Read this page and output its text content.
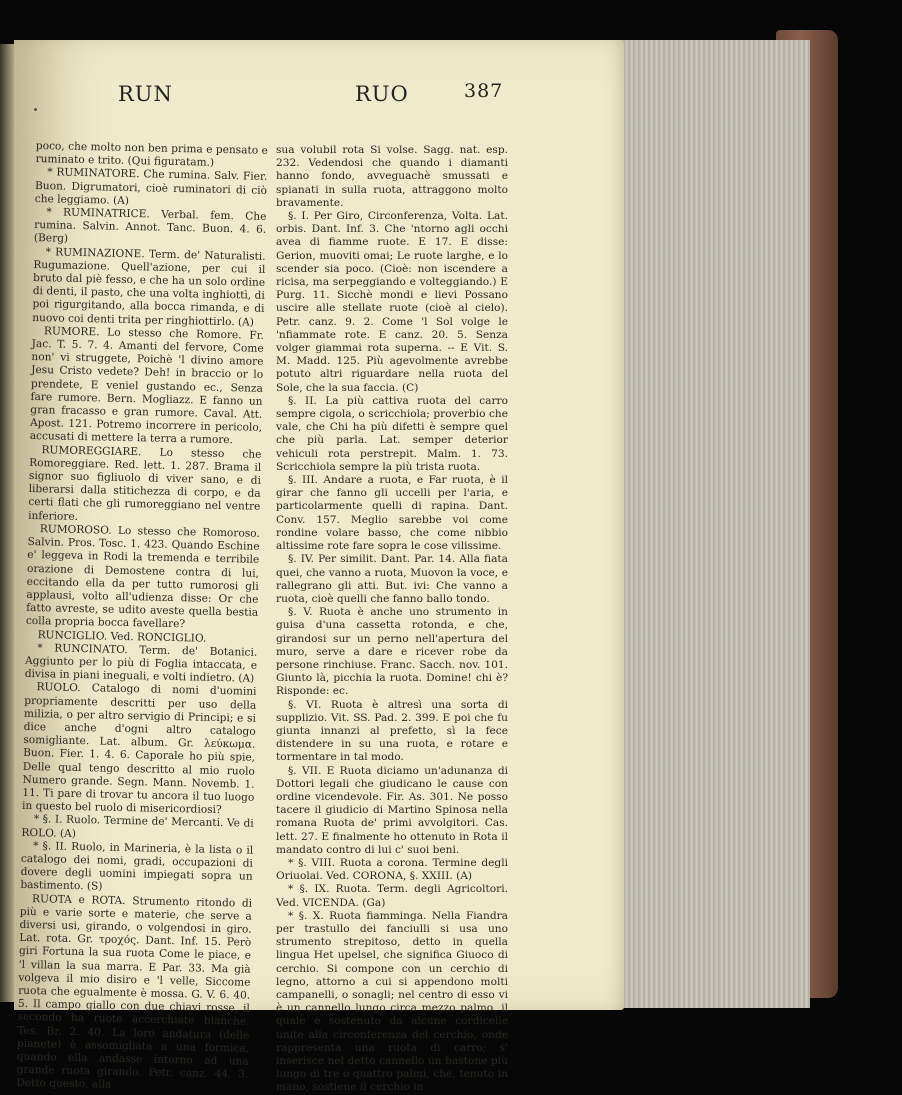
RUN	RUO	387

poco, che molto non ben prima e pensato e ruminato e trito. (Qui figuratam.)

* RUMINATORE. Che rumina. Salv. Fier. Buon. Digrumatori, cioè ruminatori di ciò che leggiamo. (A)

* RUMINATRICE. Verbal. fem. Che rumina. Salvin. Annot. Tanc. Buon. 4. 6. (Berg)

* RUMINAZIONE. Term. de' Naturalisti. Rugumazione. Quell'azione, per cui il bruto dal piè fesso, e che ha un solo ordine di denti, il pasto, che una volta inghiottì, di poi rigurgitando, alla bocca rimanda, e di nuovo coi denti trita per ringhiottirlo. (A)

RUMORE. Lo stesso che Romore. Fr. Jac. T. 5. 7. 4. Amanti del fervore, Come non' vi struggete, Poichè 'l divino amore Jesu Cristo vedete? Deh! in braccio or lo prendete, E veniel gustando ec., Senza fare rumore. Bern. Mogliazz. E fanno un gran fracasso e gran rumore. Caval. Att. Apost. 121. Potremo incorrere in pericolo, accusati di mettere la terra a rumore.

RUMOREGGIARE. Lo stesso che Romoreggiare. Red. lett. 1. 287. Brama il signor suo figliuolo di viver sano, e di liberarsi dalla stitichezza di corpo, e da certi flati che gli rumoreggiano nel ventre inferiore.

RUMOROSO. Lo stesso che Romoroso. Salvin. Pros. Tosc. 1. 423. Quando Eschine e' leggeva in Rodi la tremenda e terribile orazione di Demostene contra di lui, eccitando ella da per tutto rumorosi gli applausi, volto all'udienza disse: Or che fatto avreste, se udito aveste quella bestia colla propria bocca favellare?

RUNCIGLIO. Ved. RONCIGLIO.

* RUNCINATO. Term. de' Botanici. Aggiunto per lo più di Foglia intaccata, e divisa in piani ineguali, e volti indietro. (A)

RUOLO. Catalogo di nomi d'uomini propriamente descritti per uso della milizia, o per altro servigio di Principi; e si dice anche d'ogni altro catalogo somigliante. Lat. album. Gr. λεύκωμα. Buon. Fier. 1. 4. 6. Caporale ho più spie, Delle qual tengo descritto al mio ruolo Numero grande. Segn. Mann. Novemb. 1. 11. Ti pare di trovar tu ancora il tuo luogo in questo bel ruolo di misericordiosi?

* §. I. Ruolo. Termine de' Mercanti. Ve di ROLO. (A)

* §. II. Ruolo, in Marineria, è la lista o il catalogo dei nomi, gradi, occupazioni di dovere degli uomini impiegati sopra un bastimento. (S)

RUOTA e ROTA. Strumento ritondo di più e varie sorte e materie, che serve a diversi usi, girando, o volgendosi in giro. Lat. rota. Gr. τροχός. Dant. Inf. 15. Però giri Fortuna la sua ruota Come le piace, e 'l villan la sua marra. E Par. 33. Ma già volgeva il mio disiro e 'l velle, Siccome ruota che egualmente è mossa. G. V. 6. 40. 5. Il campo giallo con due chiavi rosse, il secondo ha ruote accerchiate bianche. Tes. Br. 2. 40. La loro andatura (delle pianete) è assomigliata a una formica, quando ella andasse intorno ad una grande ruota girando. Petr. canz. 44. 3. Detto questo, alla

sua volubil rota Si volse. Sagg. nat. esp. 232. Vedendosi che quando i diamanti hanno fondo, avveguachè smussati e spianati in sulla ruota, attraggono molto bravamente.

§. I. Per Giro, Circonferenza, Volta. Lat. orbis. Dant. Inf. 3. Che 'ntorno agli occhi avea di fiamme ruote. E 17. E disse: Gerion, muoviti omai; Le ruote larghe, e lo scender sia poco. (Cioè: non iscendere a ricisa, ma serpeggiando e volteggiando.) E Purg. 11. Sicchè mondi e lievi Possano uscire alle stellate ruote (cioè al cielo). Petr. canz. 9. 2. Come 'l Sol volge le 'nfiammate rote. E canz. 20. 5. Senza volger giammai rota superna. -- E Vit. S. M. Madd. 125. Più agevolmente avrebbe potuto altri riguardare nella ruota del Sole, che la sua faccia. (C)

§. II. La più cattiva ruota del carro sempre cigola, o scricchiola; proverbio che vale, che Chi ha più difetti è sempre quel che più parla. Lat. semper deterior vehiculi rota perstrepit. Malm. 1. 73. Scricchiola sempre la più trista ruota.

§. III. Andare a ruota, e Far ruota, è il girar che fanno gli uccelli per l'aria, e particolarmente quelli di rapina. Dant. Conv. 157. Meglio sarebbe voi come rondine volare basso, che come nibbio altissime rote fare sopra le cose vilissime.

§. IV. Per similit. Dant. Par. 14. Alla fiata quei, che vanno a ruota, Muovon la voce, e rallegrano gli atti. But. ivi: Che vanno a ruota, cioè quelli che fanno ballo tondo.

§. V. Ruota è anche uno strumento in guisa d'una cassetta rotonda, e che, girandosi sur un perno nell'apertura del muro, serve a dare e ricever robe da persone rinchiuse. Franc. Sacch. nov. 101. Giunto là, picchia la ruota. Domine! chi è? Risponde: ec.

§. VI. Ruota è altresì una sorta di supplizio. Vit. SS. Pad. 2. 399. E poi che fu giunta innanzi al prefetto, sì la fece distendere in su una ruota, e rotare e tormentare in tal modo.

§. VII. E Ruota diciamo un'adunanza di Dottori legali che giudicano le cause con ordine vicendevole. Fir. As. 301. Ne posso tacere il giudicio di Martino Spinosa nella romana Ruota de' primi avvolgitori. Cas. lett. 27. E finalmente ho ottenuto in Rota il mandato contro di lui c' suoi beni.

* §. VIII. Ruota a corona. Termine degli Oriuolai. Ved. CORONA, §. XXIII. (A)

* §. IX. Ruota. Term. degli Agricoltori. Ved. VICENDA. (Ga)

* §. X. Ruota fiamminga. Nella Fiandra per trastullo dei fanciulli si usa uno strumento strepitoso, detto in quella lingua Het upelsel, che significa Giuoco di cerchio. Si compone con un cerchio di legno, attorno a cui si appendono molti campanelli, o sonagli; nel centro di esso vi è un cannello lungo circa mezzo palmo, il quale è sostenuto da alcune cordicelle unite alla circonferenza del cerchio, onde rappresenta una ruota di carro; s' inserisce nel detto cannello un bastone più lungo di tre o quattro palmi, che, tenuto in mano, sostiene il cerchio in
